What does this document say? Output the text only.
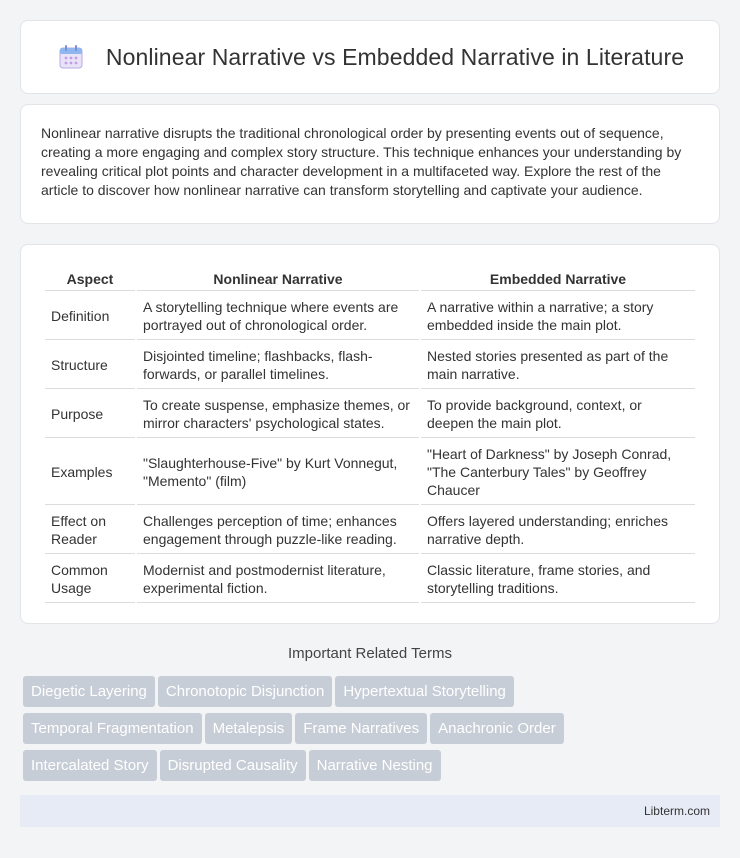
Nonlinear Narrative vs Embedded Narrative in Literature

Nonlinear narrative disrupts the traditional chronological order by presenting events out of sequence, creating a more engaging and complex story structure. This technique enhances your understanding by revealing critical plot points and character development in a multifaceted way. Explore the rest of the article to discover how nonlinear narrative can transform storytelling and captivate your audience.

Aspect	Nonlinear Narrative	Embedded Narrative
Definition	A storytelling technique where events are portrayed out of chronological order.	A narrative within a narrative; a story embedded inside the main plot.
Structure	Disjointed timeline; flashbacks, flash-forwards, or parallel timelines.	Nested stories presented as part of the main narrative.
Purpose	To create suspense, emphasize themes, or mirror characters' psychological states.	To provide background, context, or deepen the main plot.
Examples	"Slaughterhouse-Five" by Kurt Vonnegut, "Memento" (film)	"Heart of Darkness" by Joseph Conrad, "The Canterbury Tales" by Geoffrey Chaucer
Effect on Reader	Challenges perception of time; enhances engagement through puzzle-like reading.	Offers layered understanding; enriches narrative depth.
Common Usage	Modernist and postmodernist literature, experimental fiction.	Classic literature, frame stories, and storytelling traditions.
Important Related Terms
Diegetic Layering Chronotopic Disjunction Hypertextual Storytelling
Temporal Fragmentation Metalepsis Frame Narratives Anachronic Order
Intercalated Story Disrupted Causality Narrative Nesting
Libterm.com
